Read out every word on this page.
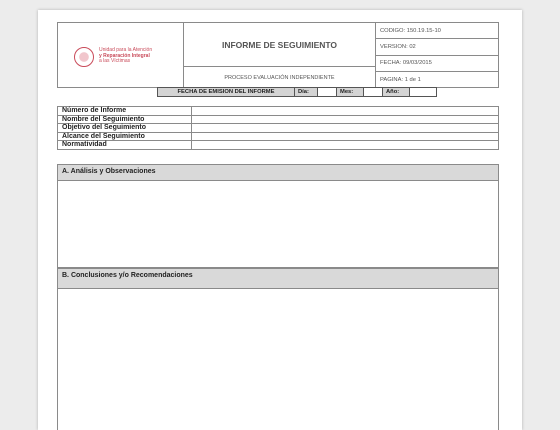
Unidad para la Atención
y Reparación Integral
a las Víctimas
INFORME DE SEGUIMIENTO
PROCESO EVALUACIÓN INDEPENDIENTE
CODIGO: 150.19.15-10
VERSION: 02
FECHA: 09/03/2015
PAGINA: 1 de 1
FECHA DE EMISION DEL INFORME	Día:	Mes:	Año:
Número de Informe	
Nombre del Seguimiento	
Objetivo del Seguimiento	
Alcance del Seguimiento	
Normatividad	
A. Análisis y Observaciones
B. Conclusiones y/o Recomendaciones
